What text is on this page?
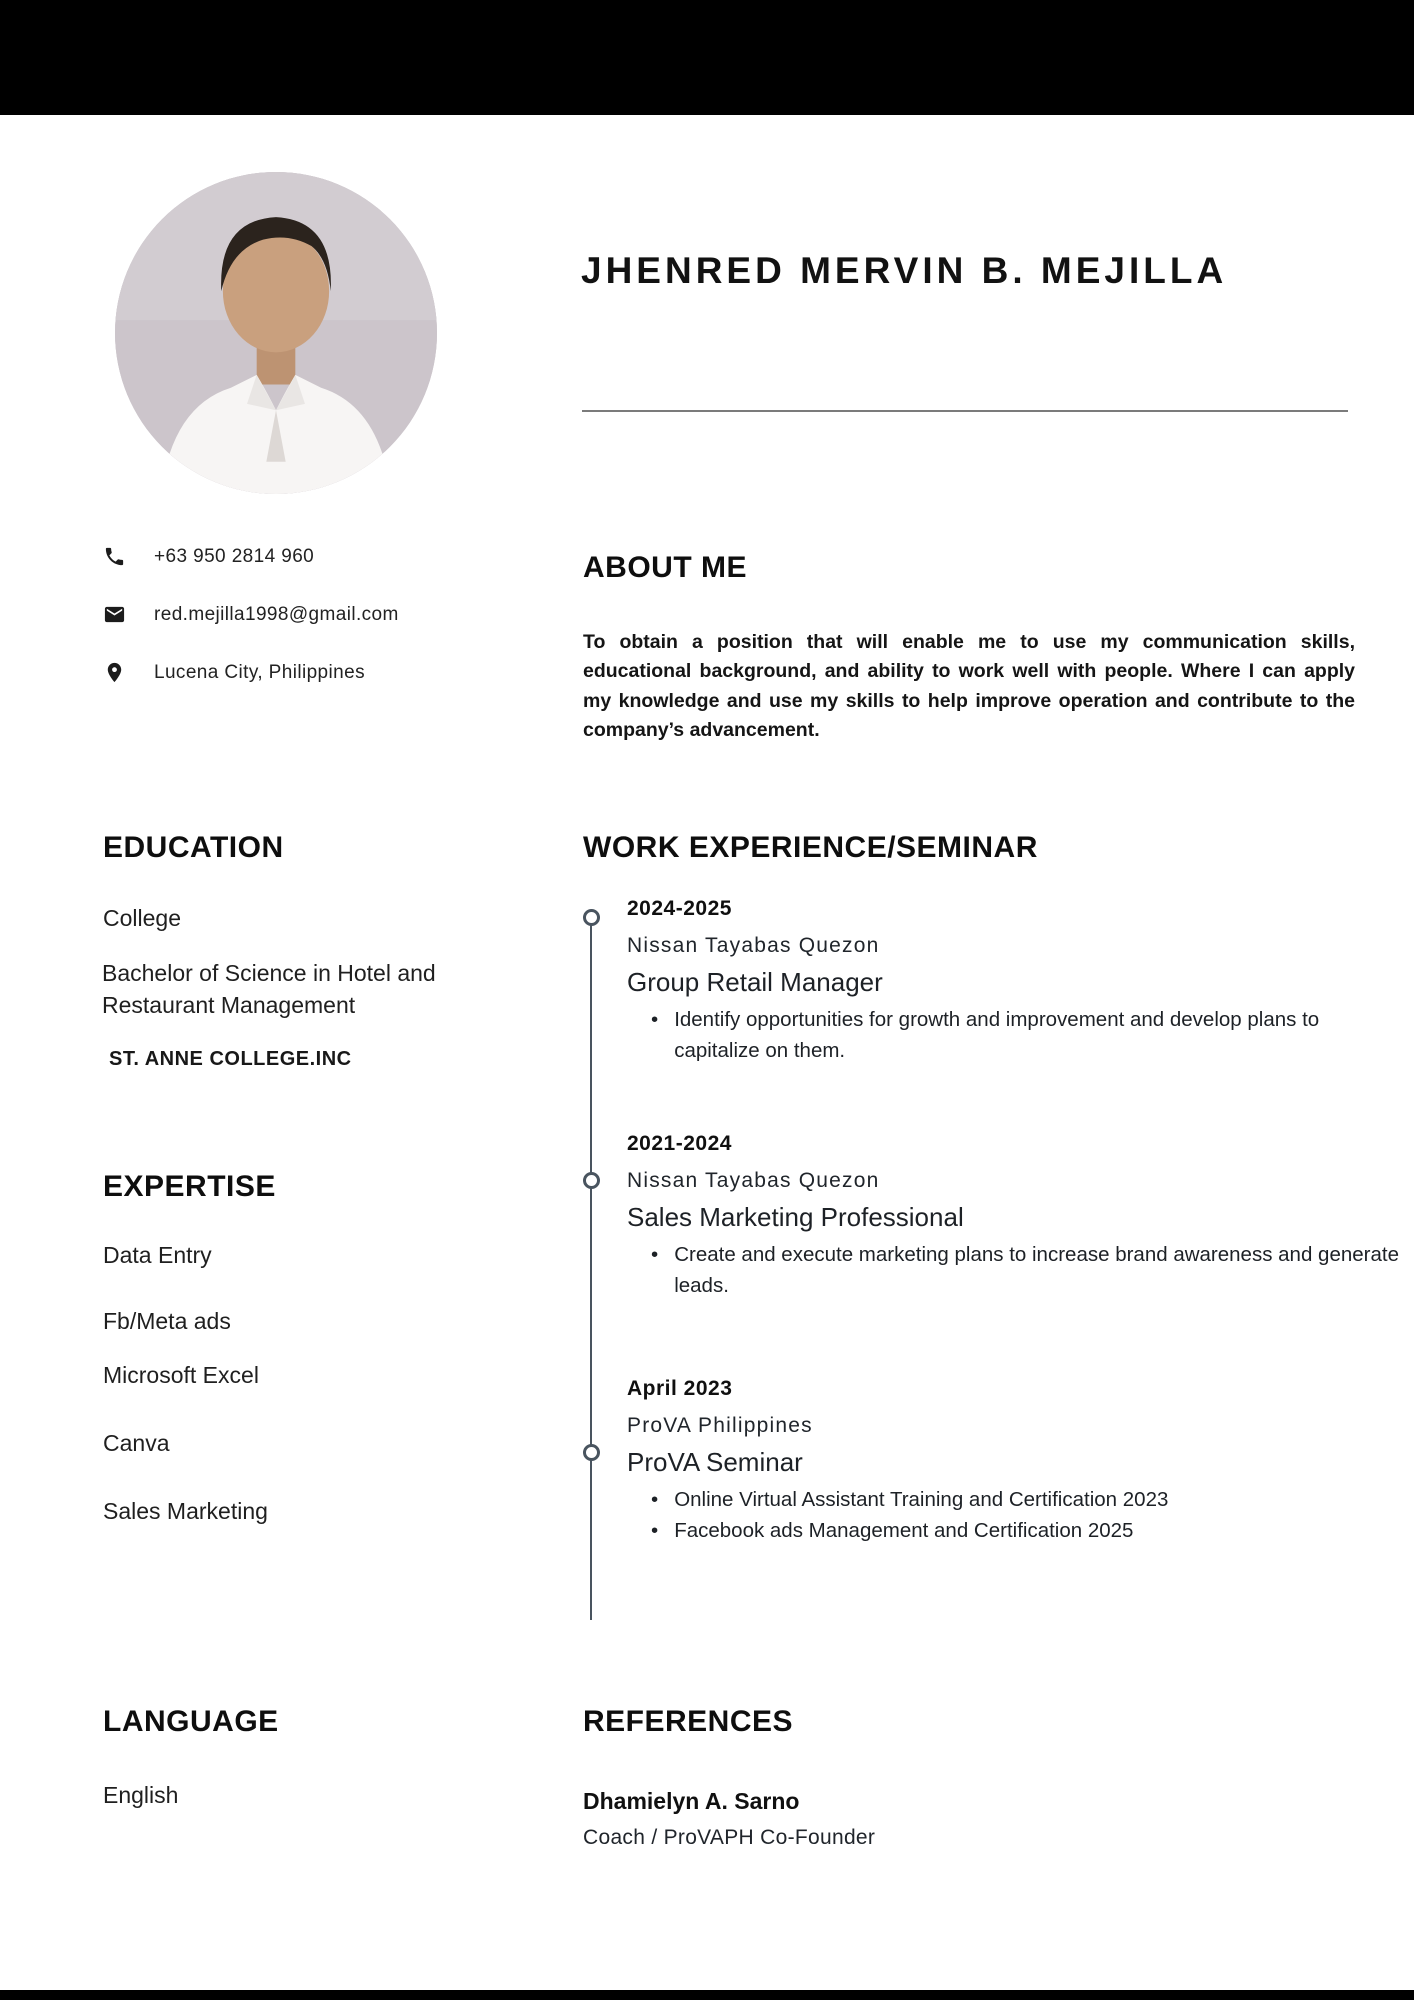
JHENRED MERVIN B. MEJILLA
+63 950 2814 960
red.mejilla1998@gmail.com
Lucena City, Philippines
ABOUT ME
To obtain a position that will enable me to use my communication skills, educational background, and ability to work well with people. Where I can apply my knowledge and use my skills to help improve operation and contribute to the company’s advancement.
EDUCATION
College
Bachelor of Science in Hotel and Restaurant Management
ST. ANNE COLLEGE.INC
WORK EXPERIENCE/SEMINAR
2024-2025
Nissan Tayabas Quezon
Group Retail Manager
• Identify opportunities for growth and improvement and develop plans to capitalize on them.
2021-2024
Nissan Tayabas Quezon
Sales Marketing Professional
• Create and execute marketing plans to increase brand awareness and generate leads.
April 2023
ProVA Philippines
ProVA Seminar
• Online Virtual Assistant Training and Certification 2023
• Facebook ads Management and Certification 2025
EXPERTISE
Data Entry
Fb/Meta ads
Microsoft Excel
Canva
Sales Marketing
LANGUAGE
English
REFERENCES
Dhamielyn A. Sarno
Coach / ProVAPH Co-Founder
